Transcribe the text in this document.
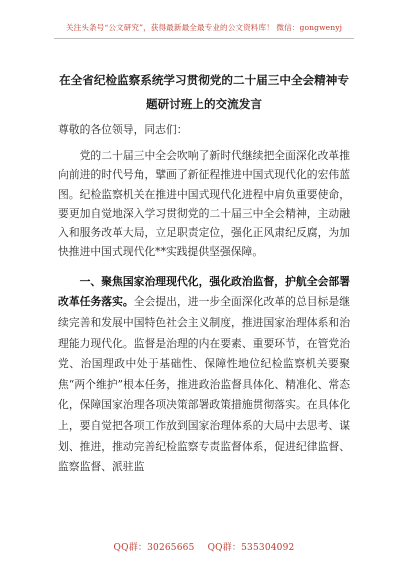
关注头条号“公文研究”，获得最新最全最专业的公文资料库！ 微信：gongwenyj
在全省纪检监察系统学习贯彻党的二十届三中全会精神专题研讨班上的交流发言
尊敬的各位领导，同志们：

党的二十届三中全会吹响了新时代继续把全面深化改革推向前进的时代号角，擘画了新征程推进中国式现代化的宏伟蓝图。纪检监察机关在推进中国式现代化进程中肩负重要使命，要更加自觉地深入学习贯彻党的二十届三中全会精神，主动融入和服务改革大局，立足职责定位，强化正风肃纪反腐，为加快推进中国式现代化**实践提供坚强保障。

一、聚焦国家治理现代化，强化政治监督，护航全会部署改革任务落实。全会提出，进一步全面深化改革的总目标是继续完善和发展中国特色社会主义制度，推进国家治理体系和治理能力现代化。监督是治理的内在要素、重要环节，在管党治党、治国理政中处于基础性、保障性地位纪检监察机关要聚焦“两个维护”根本任务，推进政治监督具体化、精准化、常态化，保障国家治理各项决策部署政策措施贯彻落实。在具体化上，要自觉把各项工作放到国家治理体系的大局中去思考、谋划、推进，推动完善纪检监察专责监督体系，促进纪律监督、监察监督、派驻监

QQ群：30265665 QQ群：535304092
